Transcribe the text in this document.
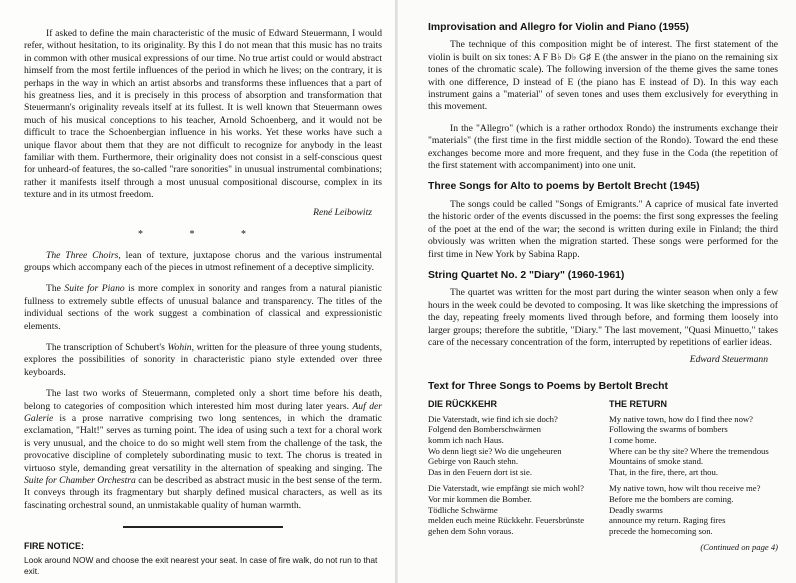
If asked to define the main characteristic of the music of Edward Steuermann, I would refer, without hesitation, to its originality. By this I do not mean that this music has no traits in common with other musical expressions of our time. No true artist could or would abstract himself from the most fertile influences of the period in which he lives; on the contrary, it is perhaps in the way in which an artist absorbs and transforms these influences that a part of his greatness lies, and it is precisely in this process of absorption and transformation that Steuermann's originality reveals itself at its fullest. It is well known that Steuermann owes much of his musical conceptions to his teacher, Arnold Schoenberg, and it would not be difficult to trace the Schoenbergian influence in his works. Yet these works have such a unique flavor about them that they are not difficult to recognize for anybody in the least familiar with them. Furthermore, their originality does not consist in a self-conscious quest for unheard-of features, the so-called "rare sonorities" in unusual instrumental combinations; rather it manifests itself through a most unusual compositional discourse, complex in its texture and in its utmost freedom.

René Leibowitz
* * *

The Three Choirs, lean of texture, juxtapose chorus and the various instrumental groups which accompany each of the pieces in utmost refinement of a deceptive simplicity.

The Suite for Piano is more complex in sonority and ranges from a natural pianistic fullness to extremely subtle effects of unusual balance and transparency. The titles of the individual sections of the work suggest a combination of classical and expressionistic elements.

The transcription of Schubert's Wohin, written for the pleasure of three young students, explores the possibilities of sonority in characteristic piano style extended over three keyboards.

The last two works of Steuermann, completed only a short time before his death, belong to categories of composition which interested him most during later years. Auf der Galerie is a prose narrative comprising two long sentences, in which the dramatic exclamation, "Halt!" serves as turning point. The idea of using such a text for a choral work is very unusual, and the choice to do so might well stem from the challenge of the task, the provocative discipline of completely subordinating music to text. The chorus is treated in virtuoso style, demanding great versatility in the alternation of speaking and singing. The Suite for Chamber Orchestra can be described as abstract music in the best sense of the term. It conveys through its fragmentary but sharply defined musical characters, as well as its fascinating orchestral sound, an unmistakable quality of human warmth.

FIRE NOTICE:
Look around NOW and choose the exit nearest your seat. In case of fire walk, do not run to that exit.
Improvisation and Allegro for Violin and Piano (1955)

The technique of this composition might be of interest. The first statement of the violin is built on six tones: A F B♭ D♭ G♯ E (the answer in the piano on the remaining six tones of the chromatic scale). The following inversion of the theme gives the same tones with one difference, D instead of E (the piano has E instead of D). In this way each instrument gains a "material" of seven tones and uses them exclusively for everything in this movement.

In the "Allegro" (which is a rather orthodox Rondo) the instruments exchange their "materials" (the first time in the first middle section of the Rondo). Toward the end these exchanges become more and more frequent, and they fuse in the Coda (the repetition of the first statement with accompaniment) into one unit.

Three Songs for Alto to poems by Bertolt Brecht (1945)

The songs could be called "Songs of Emigrants." A caprice of musical fate inverted the historic order of the events discussed in the poems: the first song expresses the feeling of the poet at the end of the war; the second is written during exile in Finland; the third obviously was written when the migration started. These songs were performed for the first time in New York by Sabina Rapp.

String Quartet No. 2 "Diary" (1960-1961)

The quartet was written for the most part during the winter season when only a few hours in the week could be devoted to composing. It was like sketching the impressions of the day, repeating freely moments lived through before, and forming them loosely into larger groups; therefore the subtitle, "Diary." The last movement, "Quasi Minuetto," takes care of the necessary concentration of the form, interrupted by repetitions of earlier ideas.

Edward Steuermann
Text for Three Songs to Poems by Bertolt Brecht
DIE RÜCKKEHR
Die Vaterstadt, wie find ich sie doch?
Folgend den Bomberschwärmen
komm ich nach Haus.
Wo denn liegt sie? Wo die ungeheuren
Gebirge von Rauch stehn.
Das in den Feuern dort ist sie.
Die Vaterstadt, wie empfängt sie mich wohl?
Vor mir kommen die Bomber.
Tödliche Schwärme
melden euch meine Rückkehr. Feuersbrünste
gehen dem Sohn voraus.
THE RETURN
My native town, how do I find thee now?
Following the swarms of bombers
I come home.
Where can be thy site? Where the tremendous
Mountains of smoke stand.
That, in the fire, there, art thou.
My native town, how wilt thou receive me?
Before me the bombers are coming.
Deadly swarms
announce my return. Raging fires
precede the homecoming son.
(Continued on page 4)
